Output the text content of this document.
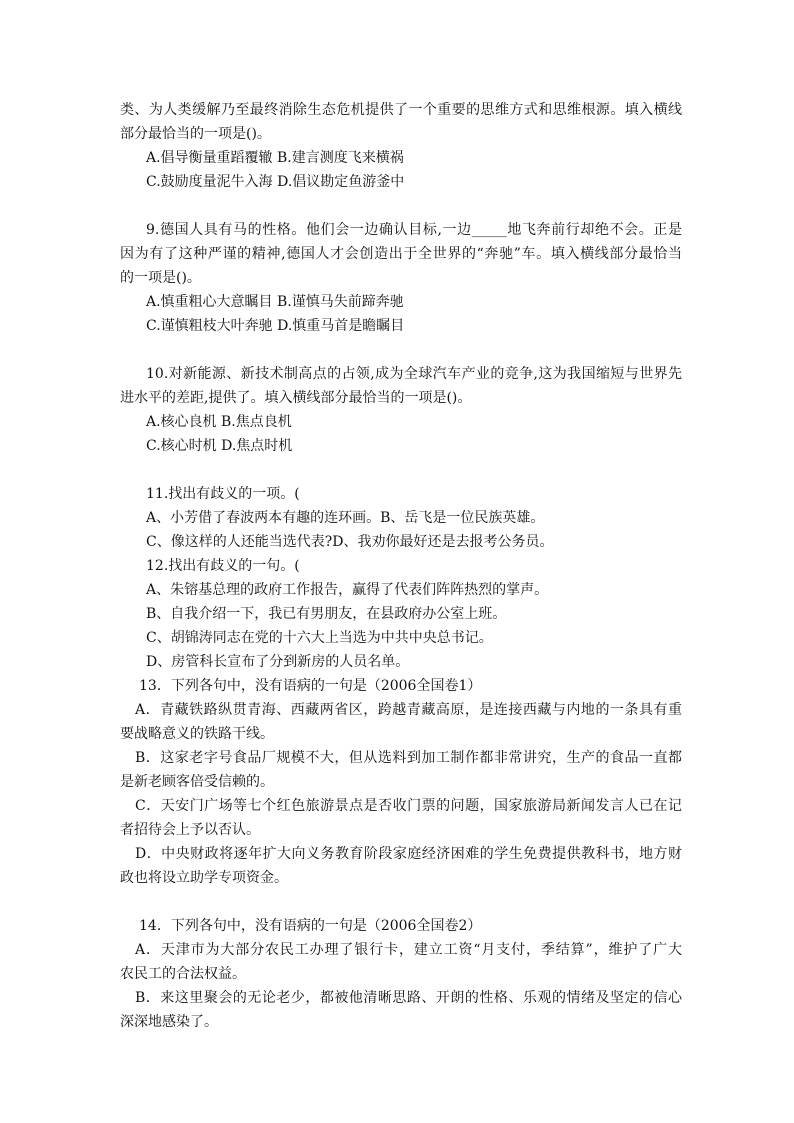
类、为人类缓解乃至最终消除生态危机提供了一个重要的思维方式和思维根源。填入横线
部分最恰当的一项是()。
A.倡导衡量重蹈覆辙 B.建言测度飞来横祸
C.鼓励度量泥牛入海 D.倡议勘定鱼游釜中
9.德国人具有马的性格。他们会一边确认目标,一边_____地飞奔前行却绝不会。正是
因为有了这种严谨的精神,德国人才会创造出于全世界的“奔驰”车。填入横线部分最恰当
的一项是()。
A.慎重粗心大意瞩目 B.谨慎马失前蹄奔驰
C.谨慎粗枝大叶奔驰 D.慎重马首是瞻瞩目
10.对新能源、新技术制高点的占领,成为全球汽车产业的竞争,这为我国缩短与世界先
进水平的差距,提供了。填入横线部分最恰当的一项是()。
A.核心良机 B.焦点良机
C.核心时机 D.焦点时机
11.找出有歧义的一项。(
A、小芳借了春波两本有趣的连环画。B、岳飞是一位民族英雄。
C、像这样的人还能当选代表?D、我劝你最好还是去报考公务员。
12.找出有歧义的一句。(
A、朱镕基总理的政府工作报告，赢得了代表们阵阵热烈的掌声。
B、自我介绍一下，我已有男朋友，在县政府办公室上班。
C、胡锦涛同志在党的十六大上当选为中共中央总书记。
D、房管科长宣布了分到新房的人员名单。
13．下列各句中，没有语病的一句是（2006全国卷1）
A．青藏铁路纵贯青海、西藏两省区，跨越青藏高原，是连接西藏与内地的一条具有重
要战略意义的铁路干线。
B．这家老字号食品厂规模不大，但从选料到加工制作都非常讲究，生产的食品一直都
是新老顾客倍受信赖的。
C．天安门广场等七个红色旅游景点是否收门票的问题，国家旅游局新闻发言人已在记
者招待会上予以否认。
D．中央财政将逐年扩大向义务教育阶段家庭经济困难的学生免费提供教科书，地方财
政也将设立助学专项资金。
14．下列各句中，没有语病的一句是（2006全国卷2）
A．天津市为大部分农民工办理了银行卡，建立工资“月支付，季结算”，维护了广大
农民工的合法权益。
B．来这里聚会的无论老少，都被他清晰思路、开朗的性格、乐观的情绪及坚定的信心
深深地感染了。
